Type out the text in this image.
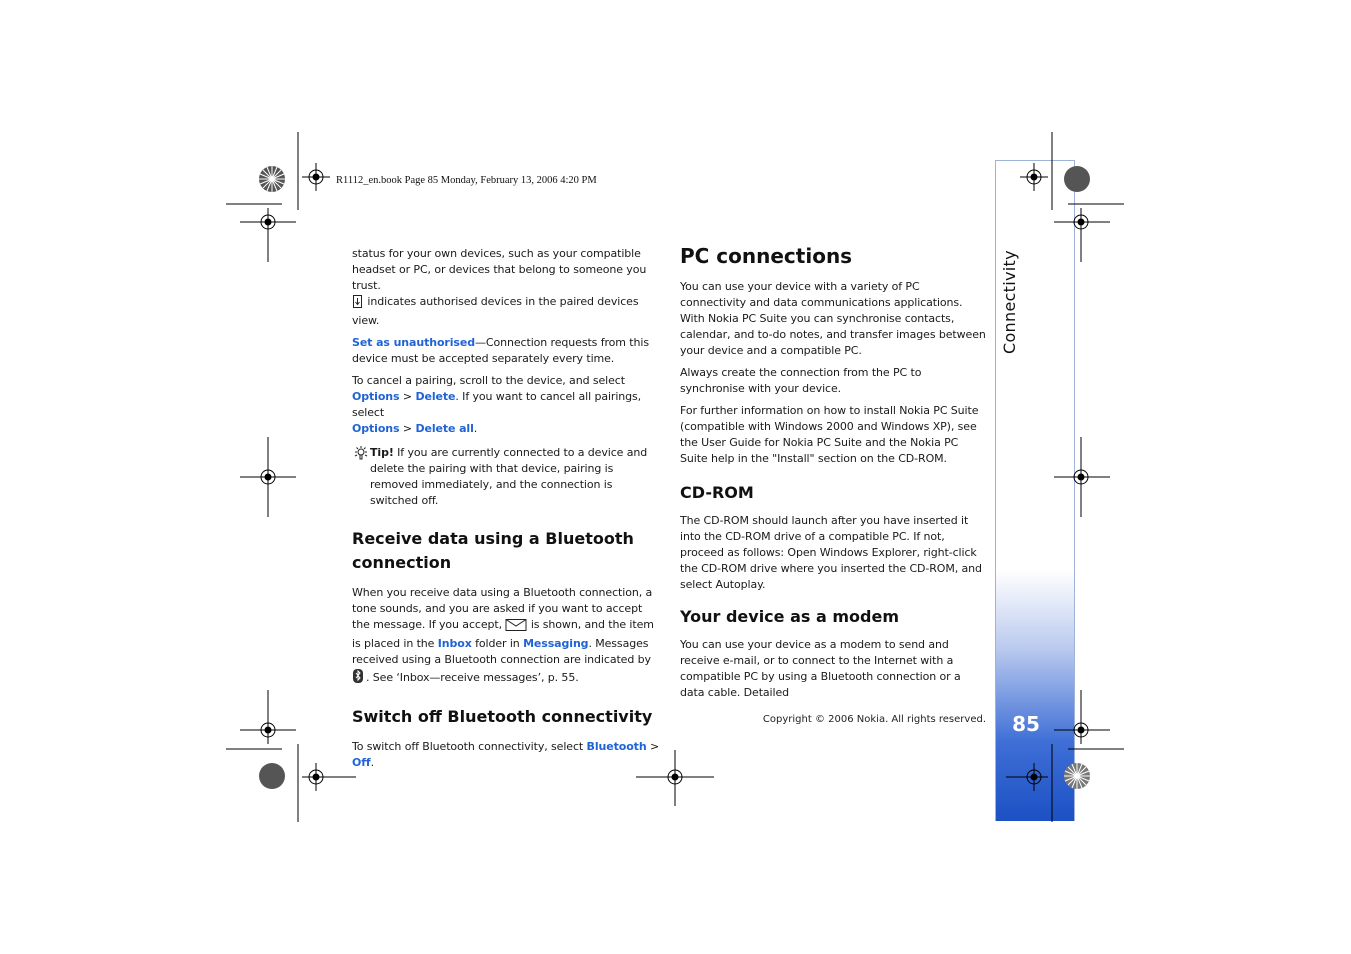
R1112_en.book Page 85 Monday, February 13, 2006 4:20 PM
Connectivity
85

status for your own devices, such as your compatible headset or PC, or devices that belong to someone you trust.
indicates authorised devices in the paired devices view.

Set as unauthorised—Connection requests from this device must be accepted separately every time.

To cancel a pairing, scroll to the device, and select
Options > Delete. If you want to cancel all pairings, select
Options > Delete all.

Tip! If you are currently connected to a device and delete the pairing with that device, pairing is removed immediately, and the connection is switched off.

Receive data using a Bluetooth connection

When you receive data using a Bluetooth connection, a tone sounds, and you are asked if you want to accept the message. If you accept,	is shown, and the item is placed in the Inbox folder in Messaging. Messages received using a Bluetooth connection are indicated by . See ‘Inbox—receive messages’, p. 55.

Switch off Bluetooth connectivity

To switch off Bluetooth connectivity, select Bluetooth >
Off.

PC connections

You can use your device with a variety of PC connectivity and data communications applications. With Nokia PC Suite you can synchronise contacts, calendar, and to-do notes, and transfer images between your device and a compatible PC.

Always create the connection from the PC to synchronise with your device.

For further information on how to install Nokia PC Suite (compatible with Windows 2000 and Windows XP), see the User Guide for Nokia PC Suite and the Nokia PC Suite help in the "Install" section on the CD-ROM.

CD-ROM

The CD-ROM should launch after you have inserted it into the CD-ROM drive of a compatible PC. If not, proceed as follows: Open Windows Explorer, right-click the CD-ROM drive where you inserted the CD-ROM, and select Autoplay.

Your device as a modem

You can use your device as a modem to send and receive e-mail, or to connect to the Internet with a compatible PC by using a Bluetooth connection or a data cable. Detailed

Copyright © 2006 Nokia. All rights reserved.
